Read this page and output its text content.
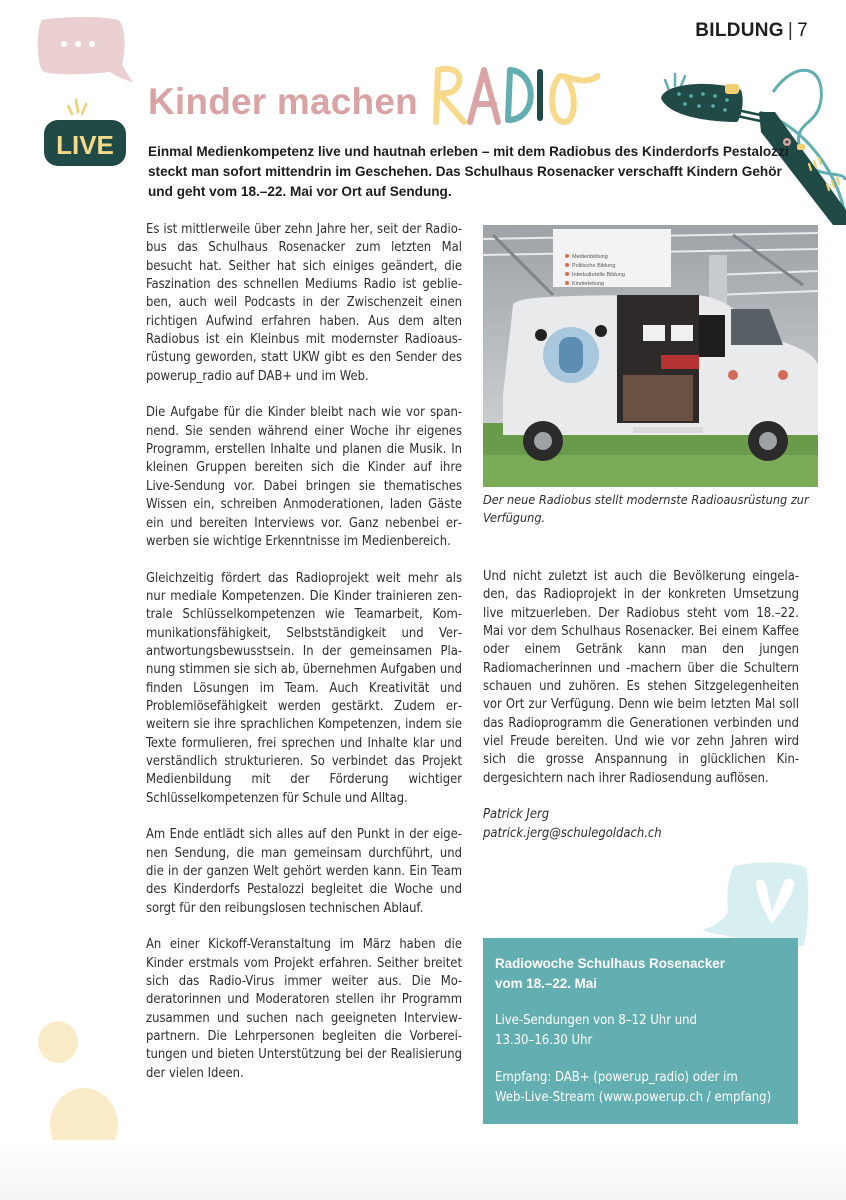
BILDUNG | 7
LIVE
Kinder machen
Einmal Medienkompetenz live und hautnah erleben – mit dem Radiobus des Kinderdorfs Pestalozzi steckt man sofort mittendrin im Geschehen. Das Schulhaus Rosenacker verschafft Kindern Gehör und geht vom 18.–22. Mai vor Ort auf Sendung.

Es ist mittlerweile über zehn Jahre her, seit der Radiobus das Schulhaus Rosenacker zum letzten Mal besucht hat. Seither hat sich einiges geändert, die Faszination des schnellen Mediums Radio ist geblieben, auch weil Podcasts in der Zwischenzeit einen richtigen Aufwind erfahren haben. Aus dem alten Radiobus ist ein Kleinbus mit modernster Radioausrüstung geworden, statt UKW gibt es den Sender des powerup_radio auf DAB+ und im Web.

Die Aufgabe für die Kinder bleibt nach wie vor spannend. Sie senden während einer Woche ihr eigenes Programm, erstellen Inhalte und planen die Musik. In kleinen Gruppen bereiten sich die Kinder auf ihre Live-Sendung vor. Dabei bringen sie thematisches Wissen ein, schreiben Anmoderationen, laden Gäste ein und bereiten Interviews vor. Ganz nebenbei erwerben sie wichtige Erkenntnisse im Medienbereich.

Gleichzeitig fördert das Radioprojekt weit mehr als nur mediale Kompetenzen. Die Kinder trainieren zentrale Schlüsselkompetenzen wie Teamarbeit, Kommunikationsfähigkeit, Selbstständigkeit und Verantwortungsbewusstsein. In der gemeinsamen Planung stimmen sie sich ab, übernehmen Aufgaben und finden Lösungen im Team. Auch Kreativität und Problemlösefähigkeit werden gestärkt. Zudem erweitern sie ihre sprachlichen Kompetenzen, indem sie Texte formulieren, frei sprechen und Inhalte klar und verständlich strukturieren. So verbindet das Projekt Medienbildung mit der Förderung wichtiger Schlüsselkompetenzen für Schule und Alltag.

Am Ende entlädt sich alles auf den Punkt in der eigenen Sendung, die man gemeinsam durchführt, und die in der ganzen Welt gehört werden kann. Ein Team des Kinderdorfs Pestalozzi begleitet die Woche und sorgt für den reibungslosen technischen Ablauf.

An einer Kickoff-Veranstaltung im März haben die Kinder erstmals vom Projekt erfahren. Seither breitet sich das Radio-Virus immer weiter aus. Die Moderatorinnen und Moderatoren stellen ihr Programm zusammen und suchen nach geeigneten Interviewpartnern. Die Lehrpersonen begleiten die Vorbereitungen und bieten Unterstützung bei der Realisierung der vielen Ideen.

Medienbildung
Politische Bildung
Interkulturelle Bildung
Kinderleitung
Der neue Radiobus stellt modernste Radioausrüstung zur Verfügung.

Und nicht zuletzt ist auch die Bevölkerung eingeladen, das Radioprojekt in der konkreten Umsetzung live mitzuerleben. Der Radiobus steht vom 18.–22. Mai vor dem Schulhaus Rosenacker. Bei einem Kaffee oder einem Getränk kann man den jungen Radiomacherinnen und -machern über die Schultern schauen und zuhören. Es stehen Sitzgelegenheiten vor Ort zur Verfügung. Denn wie beim letzten Mal soll das Radioprogramm die Generationen verbinden und viel Freude bereiten. Und wie vor zehn Jahren wird sich die grosse Anspannung in glücklichen Kindergesichtern nach ihrer Radiosendung auflösen.

Patrick Jerg
patrick.jerg@schulegoldach.ch
Radiowoche Schulhaus Rosenacker
vom 18.–22. Mai
Live-Sendungen von 8–12 Uhr und
13.30–16.30 Uhr
Empfang: DAB+ (powerup_radio) oder im
Web-Live-Stream (www.powerup.ch / empfang)
